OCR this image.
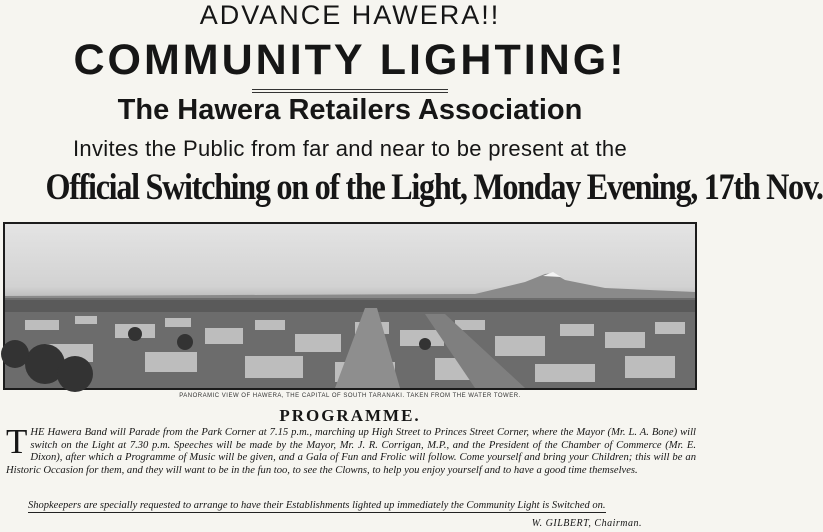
ADVANCE HAWERA!!
COMMUNITY LIGHTING!
The Hawera Retailers Association
Invites the Public from far and near to be present at the
Official Switching on of the Light, Monday Evening, 17th Nov.
PANORAMIC VIEW OF HAWERA, THE CAPITAL OF SOUTH TARANAKI. TAKEN FROM THE WATER TOWER.
PROGRAMME.
THE Hawera Band will Parade from the Park Corner at 7.15 p.m., marching up High Street to Princes Street Corner, where the Mayor (Mr. L. A. Bone) will switch on the Light at 7.30 p.m. Speeches will be made by the Mayor, Mr. J. R. Corrigan, M.P., and the President of the Chamber of Commerce (Mr. E. Dixon), after which a Programme of Music will be given, and a Gala of Fun and Frolic will follow. Come yourself and bring your Children; this will be an Historic Occasion for them, and they will want to be in the fun too, to see the Clowns, to help you enjoy yourself and to have a good time themselves.
Shopkeepers are specially requested to arrange to have their Establishments lighted up immediately the Community Light is Switched on.
W. GILBERT, Chairman.
